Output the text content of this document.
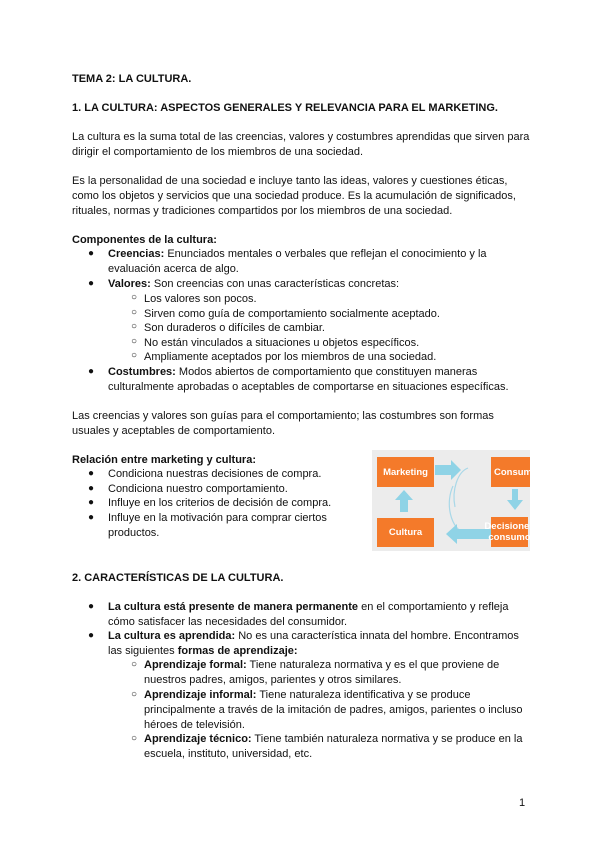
TEMA 2: LA CULTURA.

1. LA CULTURA: ASPECTOS GENERALES Y RELEVANCIA PARA EL MARKETING.

La cultura es la suma total de las creencias, valores y costumbres aprendidas que sirven para dirigir el comportamiento de los miembros de una sociedad.

Es la personalidad de una sociedad e incluye tanto las ideas, valores y cuestiones éticas, como los objetos y servicios que una sociedad produce. Es la acumulación de significados, rituales, normas y tradiciones compartidos por los miembros de una sociedad.

Componentes de la cultura:

● Creencias: Enunciados mentales o verbales que reflejan el conocimiento y la evaluación acerca de algo.

● Valores: Son creencias con unas características concretas:

○ Los valores son pocos.

○ Sirven como guía de comportamiento socialmente aceptado.

○ Son duraderos o difíciles de cambiar.

○ No están vinculados a situaciones u objetos específicos.

○ Ampliamente aceptados por los miembros de una sociedad.

● Costumbres: Modos abiertos de comportamiento que constituyen maneras culturalmente aprobadas o aceptables de comportarse en situaciones específicas.

Las creencias y valores son guías para el comportamiento; las costumbres son formas usuales y aceptables de comportamiento.

Relación entre marketing y cultura:

● Condiciona nuestras decisiones de compra.

● Condiciona nuestro comportamiento.

● Influye en los criterios de decisión de compra.

● Influye en la motivación para comprar ciertos productos.

Marketing	Consumidor
Decisiones consumo
Cultura

2. CARACTERÍSTICAS DE LA CULTURA.

● La cultura está presente de manera permanente en el comportamiento y refleja cómo satisfacer las necesidades del consumidor.

● La cultura es aprendida: No es una característica innata del hombre. Encontramos las siguientes formas de aprendizaje:

○ Aprendizaje formal: Tiene naturaleza normativa y es el que proviene de nuestros padres, amigos, parientes y otros similares.

○ Aprendizaje informal: Tiene naturaleza identificativa y se produce principalmente a través de la imitación de padres, amigos, parientes o incluso héroes de televisión.

○ Aprendizaje técnico: Tiene también naturaleza normativa y se produce en la escuela, instituto, universidad, etc.

1
